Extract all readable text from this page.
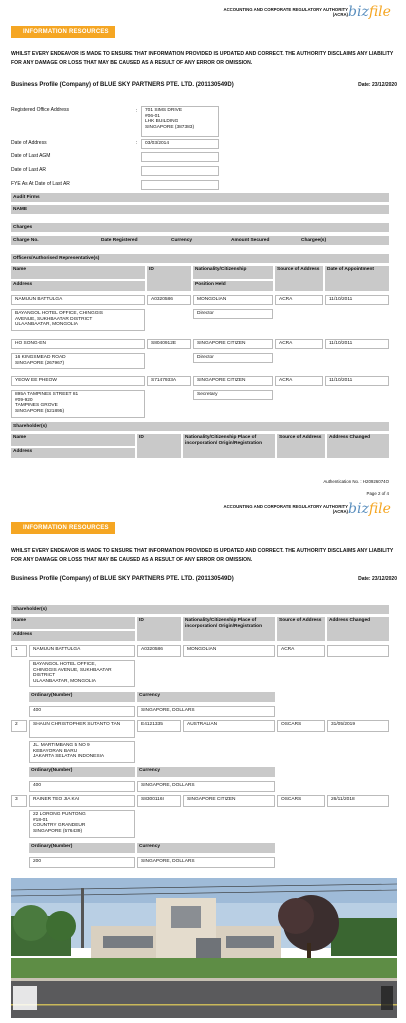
INFORMATION RESOURCES
ACCOUNTING AND CORPORATE REGULATORY AUTHORITY
(ACRA) bizfile
WHILST EVERY ENDEAVOR IS MADE TO ENSURE THAT INFORMATION PROVIDED IS UPDATED AND CORRECT. THE AUTHORITY DISCLAIMS ANY LIABILITY FOR ANY DAMAGE OR LOSS THAT MAY BE CAUSED AS A RESULT OF ANY ERROR OR OMISSION.
Business Profile (Company) of BLUE SKY PARTNERS PTE. LTD. (201130549D)	Date: 23/12/2020
Registered Office Address	: 701 SIMS DRIVE
#06-01
LHK BUILDING
SINGAPORE (387383)
Date of Address	:	03/03/2014
Date of Last AGM
Date of Last AR
FYE As At Date of Last AR
Audit Firms
NAME
Charges
Charge No.	Date Registered	Currency	Amount Secured	Chargee(s)
Officers/Authorised Representative(s)
Name
Address
ID	Nationality/Citizenship
Position Held
Source of Address	Date of Appointment
NAMUUN BATTULGA	A0320586	MONGOLIAN	ACRA	11/10/2011
BAYANGOL HOTEL OFFICE, CHINGGIS
AVENUE, SUKHBAATAR DISTRICT
ULAANBAATAR, MONGOLIA
Director
HO SONG-EN	S8040912E	SINGAPORE CITIZEN	ACRA	11/10/2011
16 KINGSMEAD ROAD
SINGAPORE (267967)
Director
YEOW EE PHEOW	S7147933A	SINGAPORE CITIZEN	ACRA	11/10/2011
895A TAMPINES STREET 81
#09-920
TAMPINES GROVE
SINGAPORE (521895)
Secretary
Shareholder(s)
Name
Address
ID	Nationality/Citizenship Place of incorporation/ Origin/Registration
Source of Address	Address Changed
Authentication No. : H20926074O
Page 2 of 4
INFORMATION RESOURCES
ACCOUNTING AND CORPORATE REGULATORY AUTHORITY
(ACRA) bizfile
WHILST EVERY ENDEAVOR IS MADE TO ENSURE THAT INFORMATION PROVIDED IS UPDATED AND CORRECT. THE AUTHORITY DISCLAIMS ANY LIABILITY FOR ANY DAMAGE OR LOSS THAT MAY BE CAUSED AS A RESULT OF ANY ERROR OR OMISSION.
Business Profile (Company) of BLUE SKY PARTNERS PTE. LTD. (201130549D)	Date: 23/12/2020
Shareholder(s)
Name
Address
ID	Nationality/Citizenship Place of incorporation/ Origin/Registration
Source of Address	Address Changed
1	NAMUUN BATTULGA	A0320586	MONGOLIAN	ACRA
BAYANGOL HOTEL OFFICE,
CHINGGIS AVENUE, SUKHBAATAR
DISTRICT
ULAANBAATAR, MONGOLIA
Ordinary(Number)	Currency
400	SINGAPORE, DOLLARS
2	SHAUN CHRISTOPHER SUTANTO TAN	E4121335	AUSTRALIAN	OSCARS	31/05/2019
JL. MARTIMBANG 5 NO 9
KEBAYORAN BARU
JAKARTA SELATAN INDONESIA
Ordinary(Number)	Currency
400	SINGAPORE, DOLLARS
3	RAINER TEO JIA KAI	S8300116I	SINGAPORE CITIZEN	OSCARS	26/11/2018
22 LORONG PUNTONG
#18-01
COUNTRY GRANDEUR
SINGAPORE (576439)
Ordinary(Number)	Currency
200	SINGAPORE, DOLLARS
